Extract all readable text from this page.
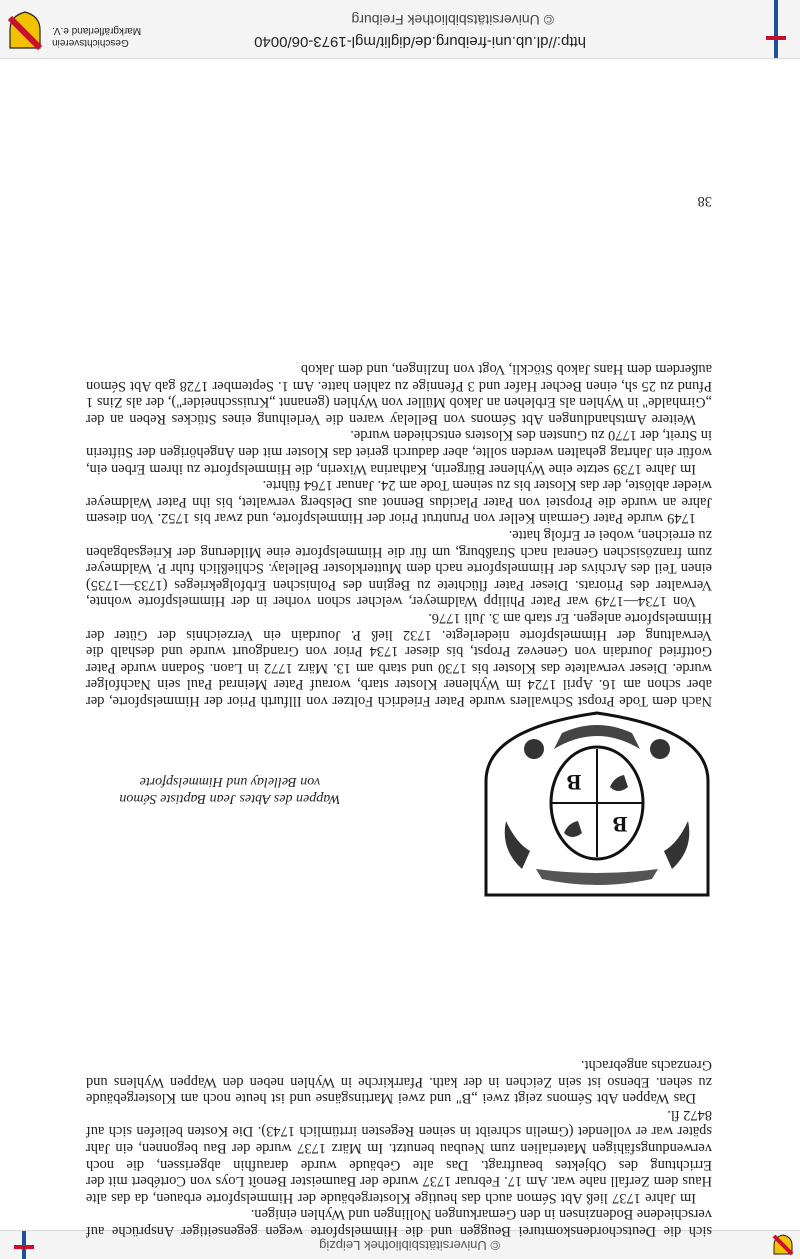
© Universitätsbibliothek Leipzig

sich die Deutschordenskomturei Beuggen und die Himmelspforte wegen gegenseitiger Ansprüche auf verschiedene Bodenzinsen in den Gemarkungen Nollingen und Wyhlen einigen.

Im Jahre 1737 ließ Abt Sémon auch das heutige Klostergebäude der Himmelspforte erbauen, da das alte Haus dem Zerfall nahe war. Am 17. Februar 1737 wurde der Baumeister Benoît Loys von Cortébert mit der Errichtung des Objektes beauftragt. Das alte Gebäude wurde daraufhin abgerissen, die noch verwendungsfähigen Materialien zum Neubau benutzt. Im März 1737 wurde der Bau begonnen, ein Jahr später war er vollendet (Gmelin schreibt in seinen Regesten irrtümlich 1743). Die Kosten beliefen sich auf 8472 fl.

Das Wappen Abt Sémons zeigt zwei „B" und zwei Martinsgänse und ist heute noch am Klostergebäude zu sehen. Ebenso ist sein Zeichen in der kath. Pfarrkirche in Wyhlen neben den Wappen Wyhlens und Grenzachs angebracht.

B
B
Wappen des Abtes Jean Baptiste Sémon
von Bellelay und Himmelspforte

Nach dem Tode Propst Schwallers wurde Pater Friedrich Foltzer von Illfurth Prior der Himmelspforte, der aber schon am 16. April 1724 im Wyhlener Kloster starb, worauf Pater Meinrad Paul sein Nachfolger wurde. Dieser verwaltete das Kloster bis 1730 und starb am 13. März 1772 in Laon. Sodann wurde Pater Gottfried Jourdain von Genevez Propst, bis dieser 1734 Prior von Grandgourt wurde und deshalb die Verwaltung der Himmelspforte niederlegte. 1732 ließ P. Jourdain ein Verzeichnis der Güter der Himmelspforte anlegen. Er starb am 3. Juli 1776.

Von 1734—1749 war Pater Philipp Waldmeyer, welcher schon vorher in der Himmelspforte wohnte, Verwalter des Priorats. Dieser Pater flüchtete zu Beginn des Polnischen Erbfolgekrieges (1733—1735) einen Teil des Archivs der Himmelspforte nach dem Mutterkloster Bellelay. Schließlich fuhr P. Waldmeyer zum französischen General nach Straßburg, um für die Himmelspforte eine Milderung der Kriegsabgaben zu erreichen, wobei er Erfolg hatte.

1749 wurde Pater Germain Keller von Pruntrut Prior der Himmelspforte, und zwar bis 1752. Von diesem Jahre an wurde die Propstei von Pater Placidus Bennot aus Delsberg verwaltet, bis ihn Pater Waldmeyer wieder ablöste, der das Kloster bis zu seinem Tode am 24. Januar 1764 führte.

Im Jahre 1739 setzte eine Wyhlener Bürgerin, Katharina Wixerin, die Himmelspforte zu ihrem Erben ein, wofür ein Jahrtag gehalten werden sollte, aber dadurch geriet das Kloster mit den Angehörigen der Stifterin in Streit, der 1770 zu Gunsten des Klosters entschieden wurde.

Weitere Amtshandlungen Abt Sémons von Bellelay waren die Verleihung eines Stückes Reben an der „Girnhalde" in Wyhlen als Erblehen an Jakob Müller von Wyhlen (genannt „Kruisschneider"), der als Zins 1 Pfund zu 25 sh, einen Becher Hafer und 3 Pfennige zu zahlen hatte. Am 1. September 1728 gab Abt Sémon außerdem dem Hans Jakob Stöckli, Vogt von Inzlingen, und dem Jakob

38
http://dl.ub.uni-freiburg.de/diglit/mgl-1973-06/0040
© Universitätsbibliothek Freiburg
Geschichtsverein
Markgräflerland e.V.
